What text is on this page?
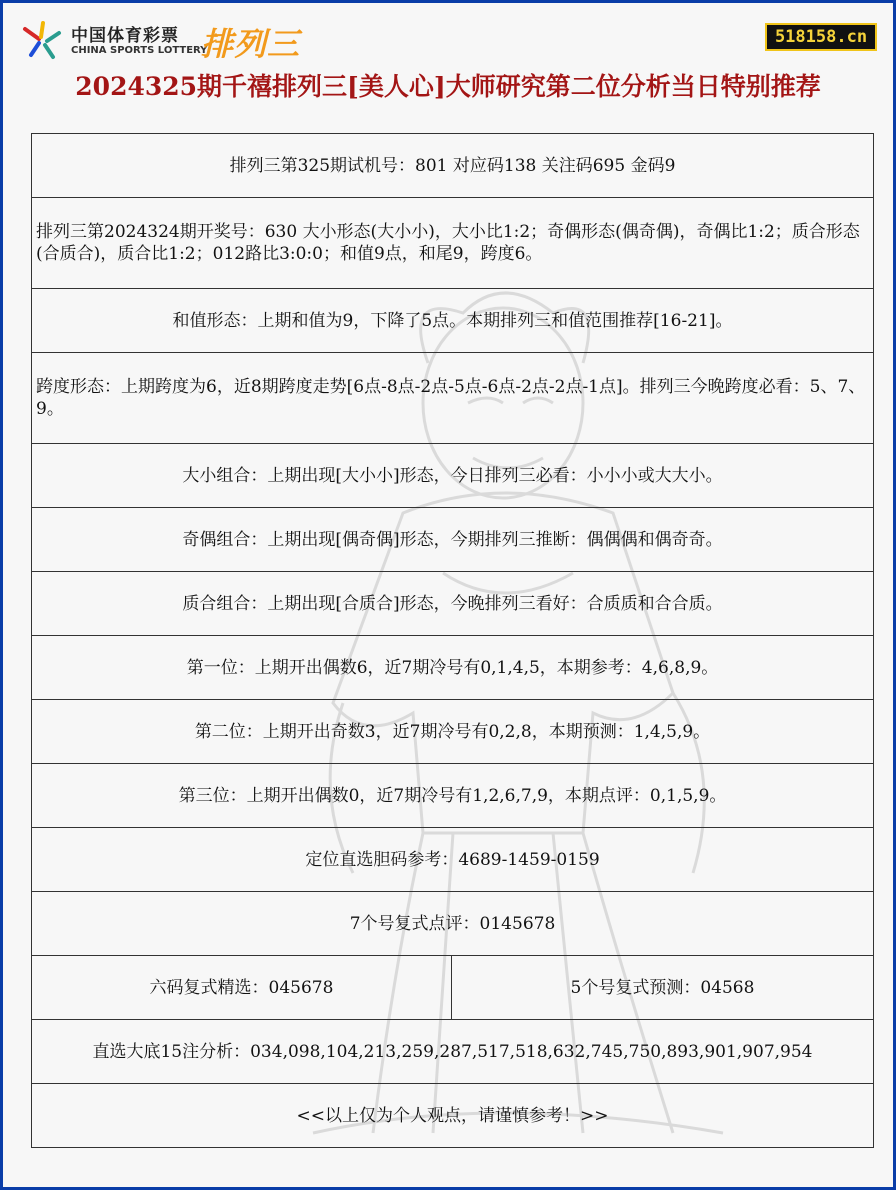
中国体育彩票
CHINA SPORTS LOTTERY
排列三	518158.cn
2024325期千禧排列三[美人心]大师研究第二位分析当日特别推荐
排列三第325期试机号：801 对应码138 关注码695 金码9
排列三第2024324期开奖号：630 大小形态(大小小)，大小比1:2；奇偶形态(偶奇偶)，奇偶比1:2；质合形态(合质合)，质合比1:2；012路比3:0:0；和值9点，和尾9，跨度6。
和值形态：上期和值为9，下降了5点。本期排列三和值范围推荐[16-21]。
跨度形态：上期跨度为6，近8期跨度走势[6点-8点-2点-5点-6点-2点-2点-1点]。排列三今晚跨度必看：5、7、9。
大小组合：上期出现[大小小]形态，今日排列三必看：小小小或大大小。
奇偶组合：上期出现[偶奇偶]形态，今期排列三推断：偶偶偶和偶奇奇。
质合组合：上期出现[合质合]形态，今晚排列三看好：合质质和合合质。
第一位：上期开出偶数6，近7期冷号有0,1,4,5，本期参考：4,6,8,9。
第二位：上期开出奇数3，近7期冷号有0,2,8，本期预测：1,4,5,9。
第三位：上期开出偶数0，近7期冷号有1,2,6,7,9，本期点评：0,1,5,9。
定位直选胆码参考：4689-1459-0159
7个号复式点评：0145678
六码复式精选：045678	5个号复式预测：04568
直选大底15注分析：034,098,104,213,259,287,517,518,632,745,750,893,901,907,954
<<以上仅为个人观点，请谨慎参考！>>
